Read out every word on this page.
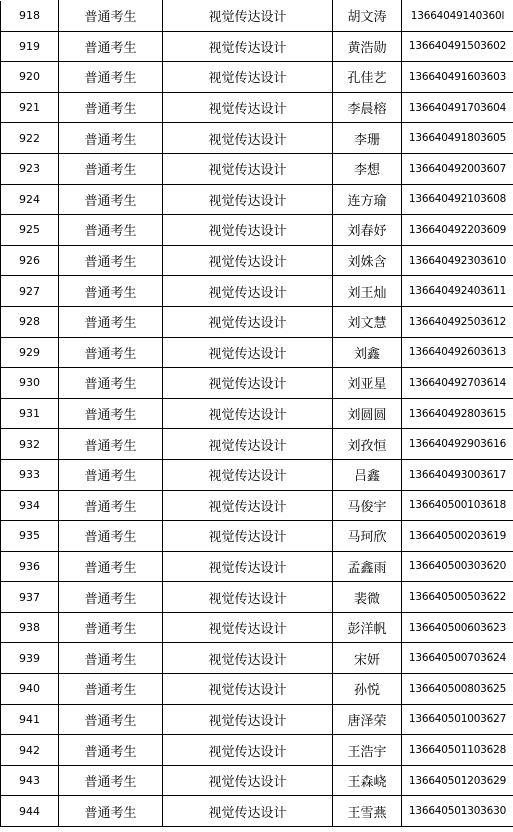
918	普通考生	视觉传达设计	胡文涛	13664049140360l
919	普通考生	视觉传达设计	黄浩勋	136640491503602
920	普通考生	视觉传达设计	孔佳艺	136640491603603
921	普通考生	视觉传达设计	李晨榕	136640491703604
922	普通考生	视觉传达设计	李珊	136640491803605
923	普通考生	视觉传达设计	李想	136640492003607
924	普通考生	视觉传达设计	连方瑜	136640492103608
925	普通考生	视觉传达设计	刘春妤	136640492203609
926	普通考生	视觉传达设计	刘姝含	136640492303610
927	普通考生	视觉传达设计	刘王灿	136640492403611
928	普通考生	视觉传达设计	刘文慧	136640492503612
929	普通考生	视觉传达设计	刘鑫	136640492603613
930	普通考生	视觉传达设计	刘亚星	136640492703614
931	普通考生	视觉传达设计	刘圆圆	136640492803615
932	普通考生	视觉传达设计	刘孜恒	136640492903616
933	普通考生	视觉传达设计	吕鑫	136640493003617
934	普通考生	视觉传达设计	马俊宇	136640500103618
935	普通考生	视觉传达设计	马珂欣	136640500203619
936	普通考生	视觉传达设计	孟鑫雨	136640500303620
937	普通考生	视觉传达设计	裴微	136640500503622
938	普通考生	视觉传达设计	彭洋帆	136640500603623
939	普通考生	视觉传达设计	宋妍	136640500703624
940	普通考生	视觉传达设计	孙悦	136640500803625
941	普通考生	视觉传达设计	唐泽荣	136640501003627
942	普通考生	视觉传达设计	王浩宇	136640501103628
943	普通考生	视觉传达设计	王森峣	136640501203629
944	普通考生	视觉传达设计	王雪燕	136640501303630
